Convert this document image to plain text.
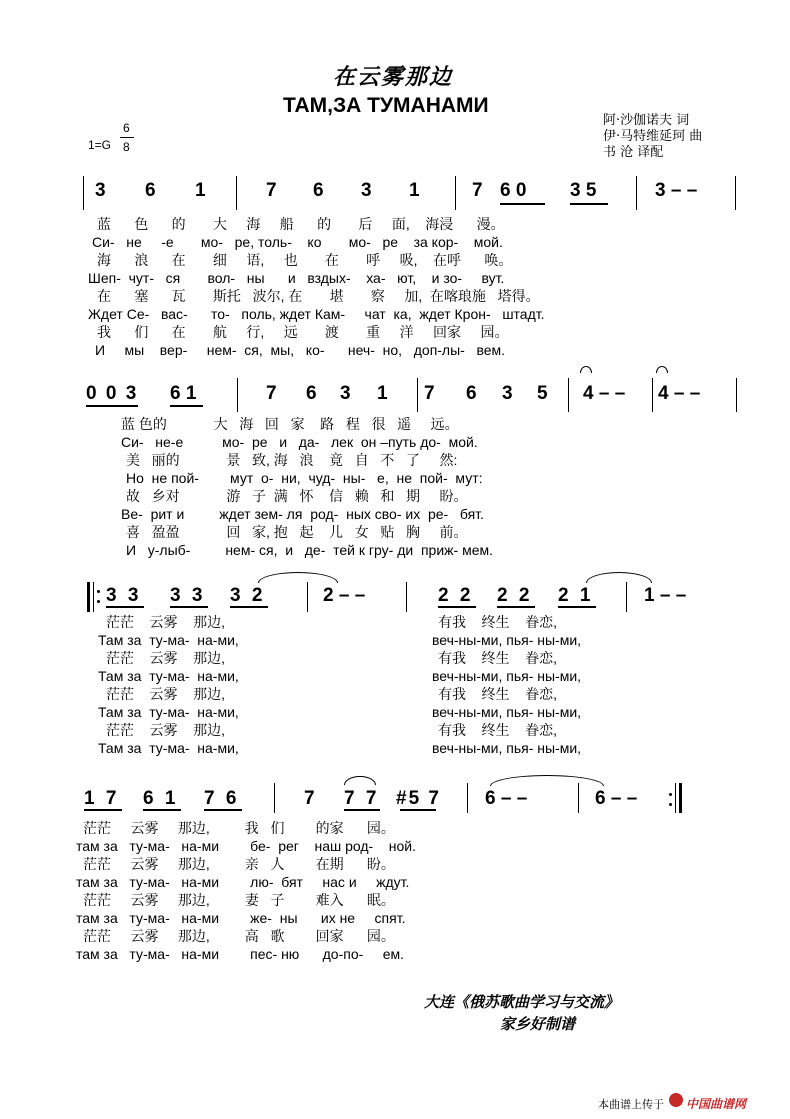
在云雾那边
ТАМ,ЗА ТУМАНАМИ
1=G
6
8
阿·沙伽诺夫 词
伊·马特维延珂 曲
书 沧 译配
3 6 1	7 6 3 1	7 6 0 3 5	3 – –
蓝      色      的       大     海     船      的       后     面,    海浸      漫。
Си-   не     -е       мо-   ре, толь-    ко       мо-   ре    за кор-    мой.
海      浪      在       细     语,     也       在       呼     吸,    在呼      唤。
Шеп-  чут-   ся       вол-   ны      и   вздых-    ха-   ют,    и зо-     вут.
在      塞      瓦       斯托   波尔, 在       堪       察     加,  在喀琅施   塔得。
Ждет Се-   вас-      то-   поль, ждет Кам-     чат  ка,  ждет Крон-   штадт.
我      们      在       航     行,     远       渡       重     洋     回家     园。
И     мы    вер-     нем-  ся,  мы,   ко-      неч-  но,   доп-лы-   вем.
0 0 3 6 1	7 6 3 1 7 6 3 5 4 – – 4 – –
蓝 色的            大   海   回   家    路   程   很   遥     远。
Си-   не-е          мо-  ре   и   да-   лек  он –путь до-  мой.
美   丽的            景   致, 海   浪    竟   自   不   了     然:
Но  не пой-        мут  о-  ни,  чуд-  ны-   е,  не  пой-  мут:
故   乡对            游   子  满   怀    信   赖   和   期     盼。
Ве-  рит и         ждет зем- ля  род-  ных сво- их  ре-   бят.
喜   盈盈            回   家, 抱   起    儿   女   贴   胸     前。
И   у-лыб-         нем- ся,  и   де-  тей к гру- ди  приж- мем.
3 3 3 3 3 2	2 – –	2 2 2 2 2 1	1 – –
茫茫    云雾    那边,
Там за  ту-ма-  на-ми,
茫茫    云雾    那边,
Там за  ту-ма-  на-ми,
茫茫    云雾    那边,
Там за  ту-ма-  на-ми,
茫茫    云雾    那边,
Там за  ту-ма-  на-ми,
有我    终生    眷恋,
веч-ны-ми, пья- ны-ми,
有我    终生    眷恋,
веч-ны-ми, пья- ны-ми,
有我    终生    眷恋,
веч-ны-ми, пья- ны-ми,
有我    终生    眷恋,
веч-ны-ми, пья- ны-ми,
1 7 6 1 7 6	7 7 7 #5 7 6 – –	6 – –
茫茫     云雾     那边,         我   们        的家      园。
там за   ту-ма-   на-ми        бе-  рег    наш род-    ной.
茫茫     云雾     那边,         亲   人        在期      盼。
там за   ту-ма-   на-ми        лю-  бят     нас и     ждут.
茫茫     云雾     那边,         妻   子        难入      眠。
там за   ту-ма-   на-ми        же-  ны      их не     спят.
茫茫     云雾     那边,         高   歌        回家      园。
там за   ту-ма-   на-ми        пес- ню      до-по-     ем.
大连《俄苏歌曲学习与交流》
家乡好制谱
本曲谱上传于 中国曲谱网
